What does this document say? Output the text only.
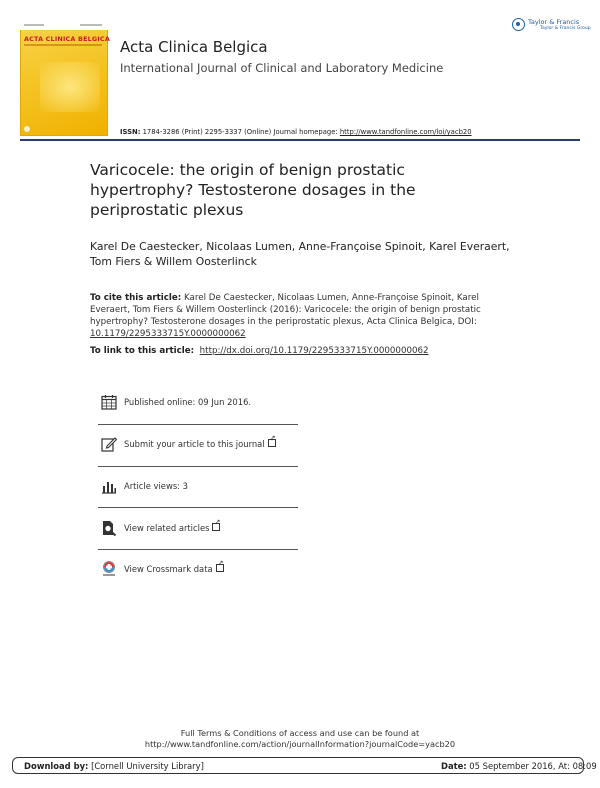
ACTA CLINICA BELGICA Acta Clinica Belgica
International Journal of Clinical and Laboratory Medicine
ISSN: 1784-3286 (Print) 2295-3337 (Online) Journal homepage: http://www.tandfonline.com/loi/yacb20
Taylor & Francis
Taylor & Francis Group
Varicocele: the origin of benign prostatic hypertrophy? Testosterone dosages in the periprostatic plexus
Karel De Caestecker, Nicolaas Lumen, Anne-Françoise Spinoit, Karel Everaert, Tom Fiers & Willem Oosterlinck
To cite this article: Karel De Caestecker, Nicolaas Lumen, Anne-Françoise Spinoit, Karel Everaert, Tom Fiers & Willem Oosterlinck (2016): Varicocele: the origin of benign prostatic hypertrophy? Testosterone dosages in the periprostatic plexus, Acta Clinica Belgica, DOI: 10.1179/2295333715Y.0000000062
To link to this article: http://dx.doi.org/10.1179/2295333715Y.0000000062
Published online: 09 Jun 2016.
Submit your article to this journal↗
Article views: 3
View related articles↗
View Crossmark data↗
Full Terms & Conditions of access and use can be found at
http://www.tandfonline.com/action/journalInformation?journalCode=yacb20
Download by: [Cornell University Library]	Date: 05 September 2016, At: 08:09
